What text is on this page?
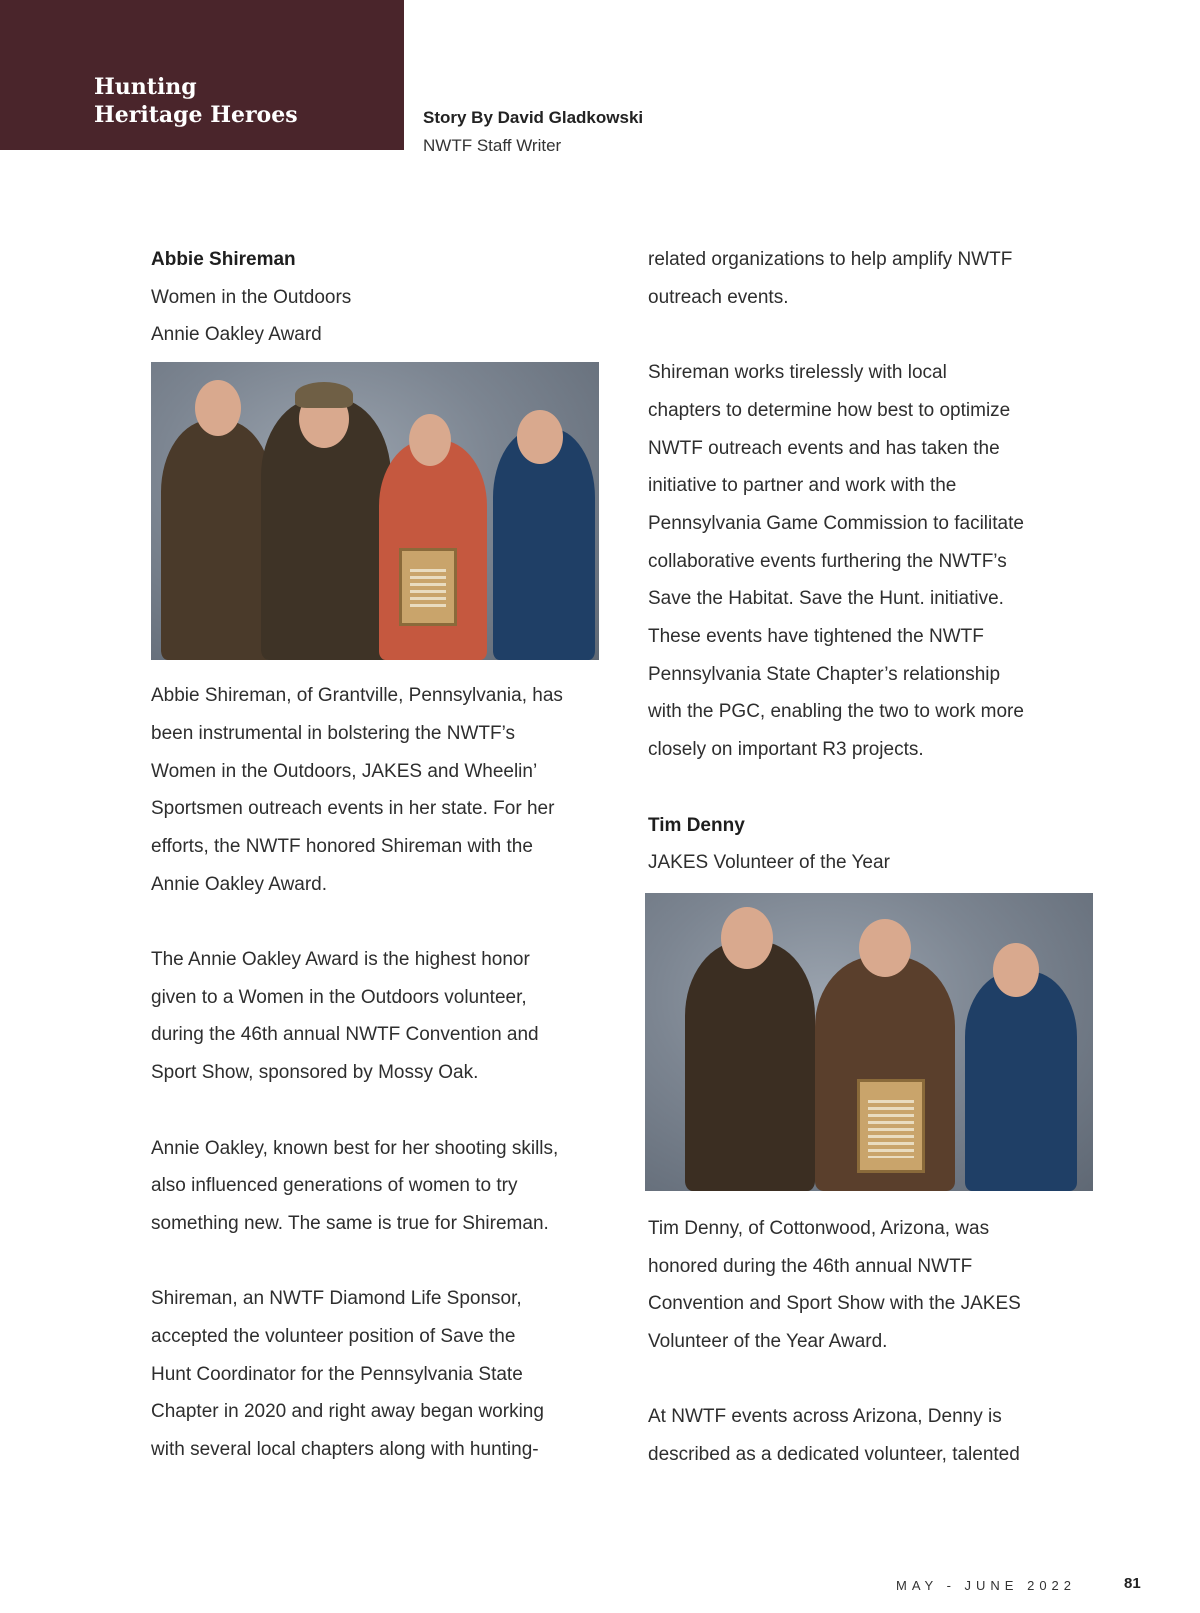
Hunting
Heritage Heroes	Story By David Gladkowski
NWTF Staff Writer

Abbie Shireman

Women in the Outdoors

Annie Oakley Award

Abbie Shireman, of Grantville, Pennsylvania, has

been instrumental in bolstering the NWTF’s

Women in the Outdoors, JAKES and Wheelin’

Sportsmen outreach events in her state. For her

efforts, the NWTF honored Shireman with the

Annie Oakley Award.

The Annie Oakley Award is the highest honor

given to a Women in the Outdoors volunteer,

during the 46th annual NWTF Convention and

Sport Show, sponsored by Mossy Oak.

Annie Oakley, known best for her shooting skills,

also influenced generations of women to try

something new. The same is true for Shireman.

Shireman, an NWTF Diamond Life Sponsor,

accepted the volunteer position of Save the

Hunt Coordinator for the Pennsylvania State

Chapter in 2020 and right away began working

with several local chapters along with hunting-

related organizations to help amplify NWTF

outreach events.

Shireman works tirelessly with local

chapters to determine how best to optimize

NWTF outreach events and has taken the

initiative to partner and work with the

Pennsylvania Game Commission to facilitate

collaborative events furthering the NWTF’s

Save the Habitat. Save the Hunt. initiative.

These events have tightened the NWTF

Pennsylvania State Chapter’s relationship

with the PGC, enabling the two to work more

closely on important R3 projects.

Tim Denny

JAKES Volunteer of the Year

Tim Denny, of Cottonwood, Arizona, was

honored during the 46th annual NWTF

Convention and Sport Show with the JAKES

Volunteer of the Year Award.

At NWTF events across Arizona, Denny is

described as a dedicated volunteer, talented

MAY - JUNE 2022	81
